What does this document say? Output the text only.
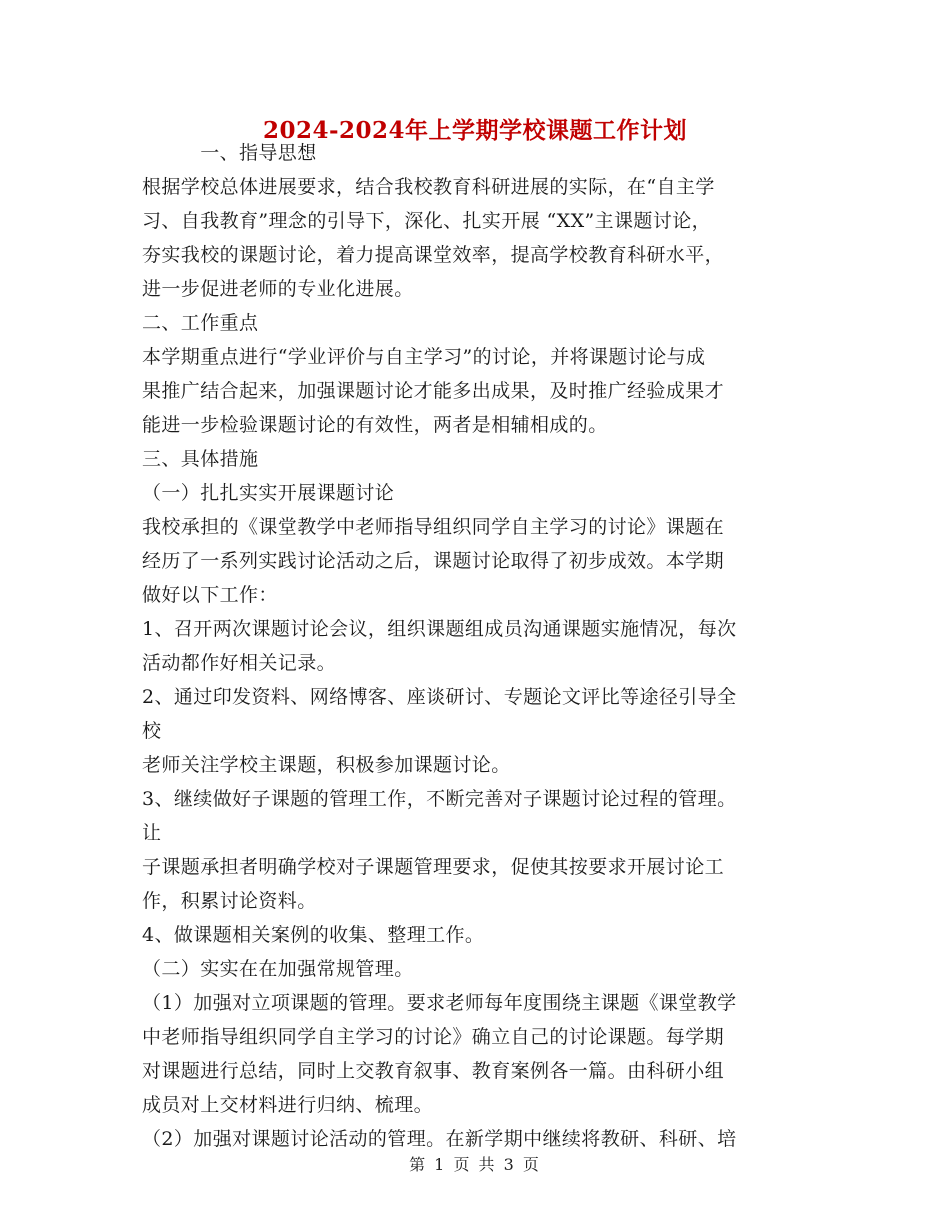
2024-2024年上学期学校课题工作计划
　　　一、指导思想
根据学校总体进展要求，结合我校教育科研进展的实际，在“自主学
习、自我教育”理念的引导下，深化、扎实开展 “XX”主课题讨论，
夯实我校的课题讨论，着力提高课堂效率，提高学校教育科研水平，
进一步促进老师的专业化进展。
二、工作重点
本学期重点进行“学业评价与自主学习”的讨论，并将课题讨论与成
果推广结合起来，加强课题讨论才能多出成果，及时推广经验成果才
能进一步检验课题讨论的有效性，两者是相辅相成的。
三、具体措施
（一）扎扎实实开展课题讨论
我校承担的《课堂教学中老师指导组织同学自主学习的讨论》课题在
经历了一系列实践讨论活动之后，课题讨论取得了初步成效。本学期
做好以下工作：
1、召开两次课题讨论会议，组织课题组成员沟通课题实施情况，每次
活动都作好相关记录。
2、通过印发资料、网络博客、座谈研讨、专题论文评比等途径引导全
校
老师关注学校主课题，积极参加课题讨论。
3、继续做好子课题的管理工作，不断完善对子课题讨论过程的管理。
让
子课题承担者明确学校对子课题管理要求，促使其按要求开展讨论工
作，积累讨论资料。
4、做课题相关案例的收集、整理工作。
（二）实实在在加强常规管理。
（1）加强对立项课题的管理。要求老师每年度围绕主课题《课堂教学
中老师指导组织同学自主学习的讨论》确立自己的讨论课题。每学期
对课题进行总结，同时上交教育叙事、教育案例各一篇。由科研小组
成员对上交材料进行归纳、梳理。
（2）加强对课题讨论活动的管理。在新学期中继续将教研、科研、培
第 1 页 共 3 页
